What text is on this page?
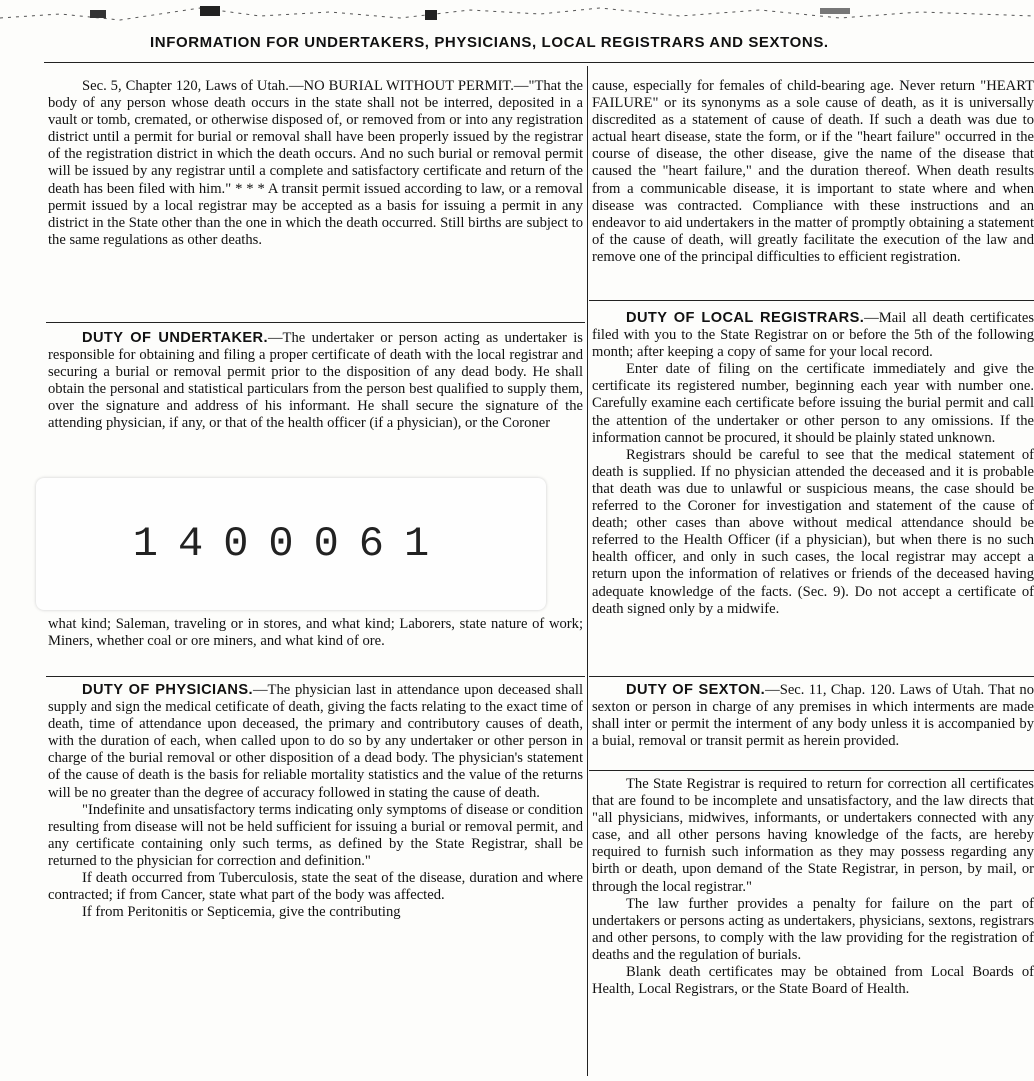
INFORMATION FOR UNDERTAKERS, PHYSICIANS, LOCAL REGISTRARS AND SEXTONS.

Sec. 5, Chapter 120, Laws of Utah.—NO BURIAL WITHOUT PERMIT.—"That the body of any person whose death occurs in the state shall not be interred, deposited in a vault or tomb, cremated, or otherwise disposed of, or removed from or into any registration district until a permit for burial or removal shall have been properly issued by the registrar of the registration district in which the death occurs. And no such burial or removal permit will be issued by any registrar until a complete and satisfactory certificate and return of the death has been filed with him." * * * A transit permit issued according to law, or a removal permit issued by a local registrar may be accepted as a basis for issuing a permit in any district in the State other than the one in which the death occurred. Still births are subject to the same regulations as other deaths.

DUTY OF UNDERTAKER.—The undertaker or person acting as undertaker is responsible for obtaining and filing a proper certificate of death with the local registrar and securing a burial or removal permit prior to the disposition of any dead body. He shall obtain the personal and statistical particulars from the person best qualified to supply them, over the signature and address of his informant. He shall secure the signature of the attending physician, if any, or that of the health officer (if a physician), or the Coroner

1400061

what kind; Saleman, traveling or in stores, and what kind; Laborers, state nature of work; Miners, whether coal or ore miners, and what kind of ore.

DUTY OF PHYSICIANS.—The physician last in attendance upon deceased shall supply and sign the medical cetificate of death, giving the facts relating to the exact time of death, time of attendance upon deceased, the primary and contributory causes of death, with the duration of each, when called upon to do so by any undertaker or other person in charge of the burial removal or other disposition of a dead body. The physician's statement of the cause of death is the basis for reliable mortality statistics and the value of the returns will be no greater than the degree of accuracy followed in stating the cause of death.

"Indefinite and unsatisfactory terms indicating only symptoms of disease or condition resulting from disease will not be held sufficient for issuing a burial or removal permit, and any certificate containing only such terms, as defined by the State Registrar, shall be returned to the physician for correction and definition."

If death occurred from Tuberculosis, state the seat of the disease, duration and where contracted; if from Cancer, state what part of the body was affected.

If from Peritonitis or Septicemia, give the contributing

cause, especially for females of child-bearing age. Never return "HEART FAILURE" or its synonyms as a sole cause of death, as it is universally discredited as a statement of cause of death. If such a death was due to actual heart disease, state the form, or if the "heart failure" occurred in the course of disease, the other disease, give the name of the disease that caused the "heart failure," and the duration thereof. When death results from a communicable disease, it is important to state where and when disease was contracted. Compliance with these instructions and an endeavor to aid undertakers in the matter of promptly obtaining a statement of the cause of death, will greatly facilitate the execution of the law and remove one of the principal difficulties to efficient registration.

DUTY OF LOCAL REGISTRARS.—Mail all death certificates filed with you to the State Registrar on or before the 5th of the following month; after keeping a copy of same for your local record.

Enter date of filing on the certificate immediately and give the certificate its registered number, beginning each year with number one. Carefully examine each certificate before issuing the burial permit and call the attention of the undertaker or other person to any omissions. If the information cannot be procured, it should be plainly stated unknown.

Registrars should be careful to see that the medical statement of death is supplied. If no physician attended the deceased and it is probable that death was due to unlawful or suspicious means, the case should be referred to the Coroner for investigation and statement of the cause of death; other cases than above without medical attendance should be referred to the Health Officer (if a physician), but when there is no such health officer, and only in such cases, the local registrar may accept a return upon the information of relatives or friends of the deceased having adequate knowledge of the facts. (Sec. 9). Do not accept a certificate of death signed only by a midwife.

DUTY OF SEXTON.—Sec. 11, Chap. 120. Laws of Utah. That no sexton or person in charge of any premises in which interments are made shall inter or permit the interment of any body unless it is accompanied by a buial, removal or transit permit as herein provided.

The State Registrar is required to return for correction all certificates that are found to be incomplete and unsatisfactory, and the law directs that "all physicians, midwives, informants, or undertakers connected with any case, and all other persons having knowledge of the facts, are hereby required to furnish such information as they may possess regarding any birth or death, upon demand of the State Registrar, in person, by mail, or through the local registrar."

The law further provides a penalty for failure on the part of undertakers or persons acting as undertakers, physicians, sextons, registrars and other persons, to comply with the law providing for the registration of deaths and the regulation of burials.

Blank death certificates may be obtained from Local Boards of Health, Local Registrars, or the State Board of Health.
